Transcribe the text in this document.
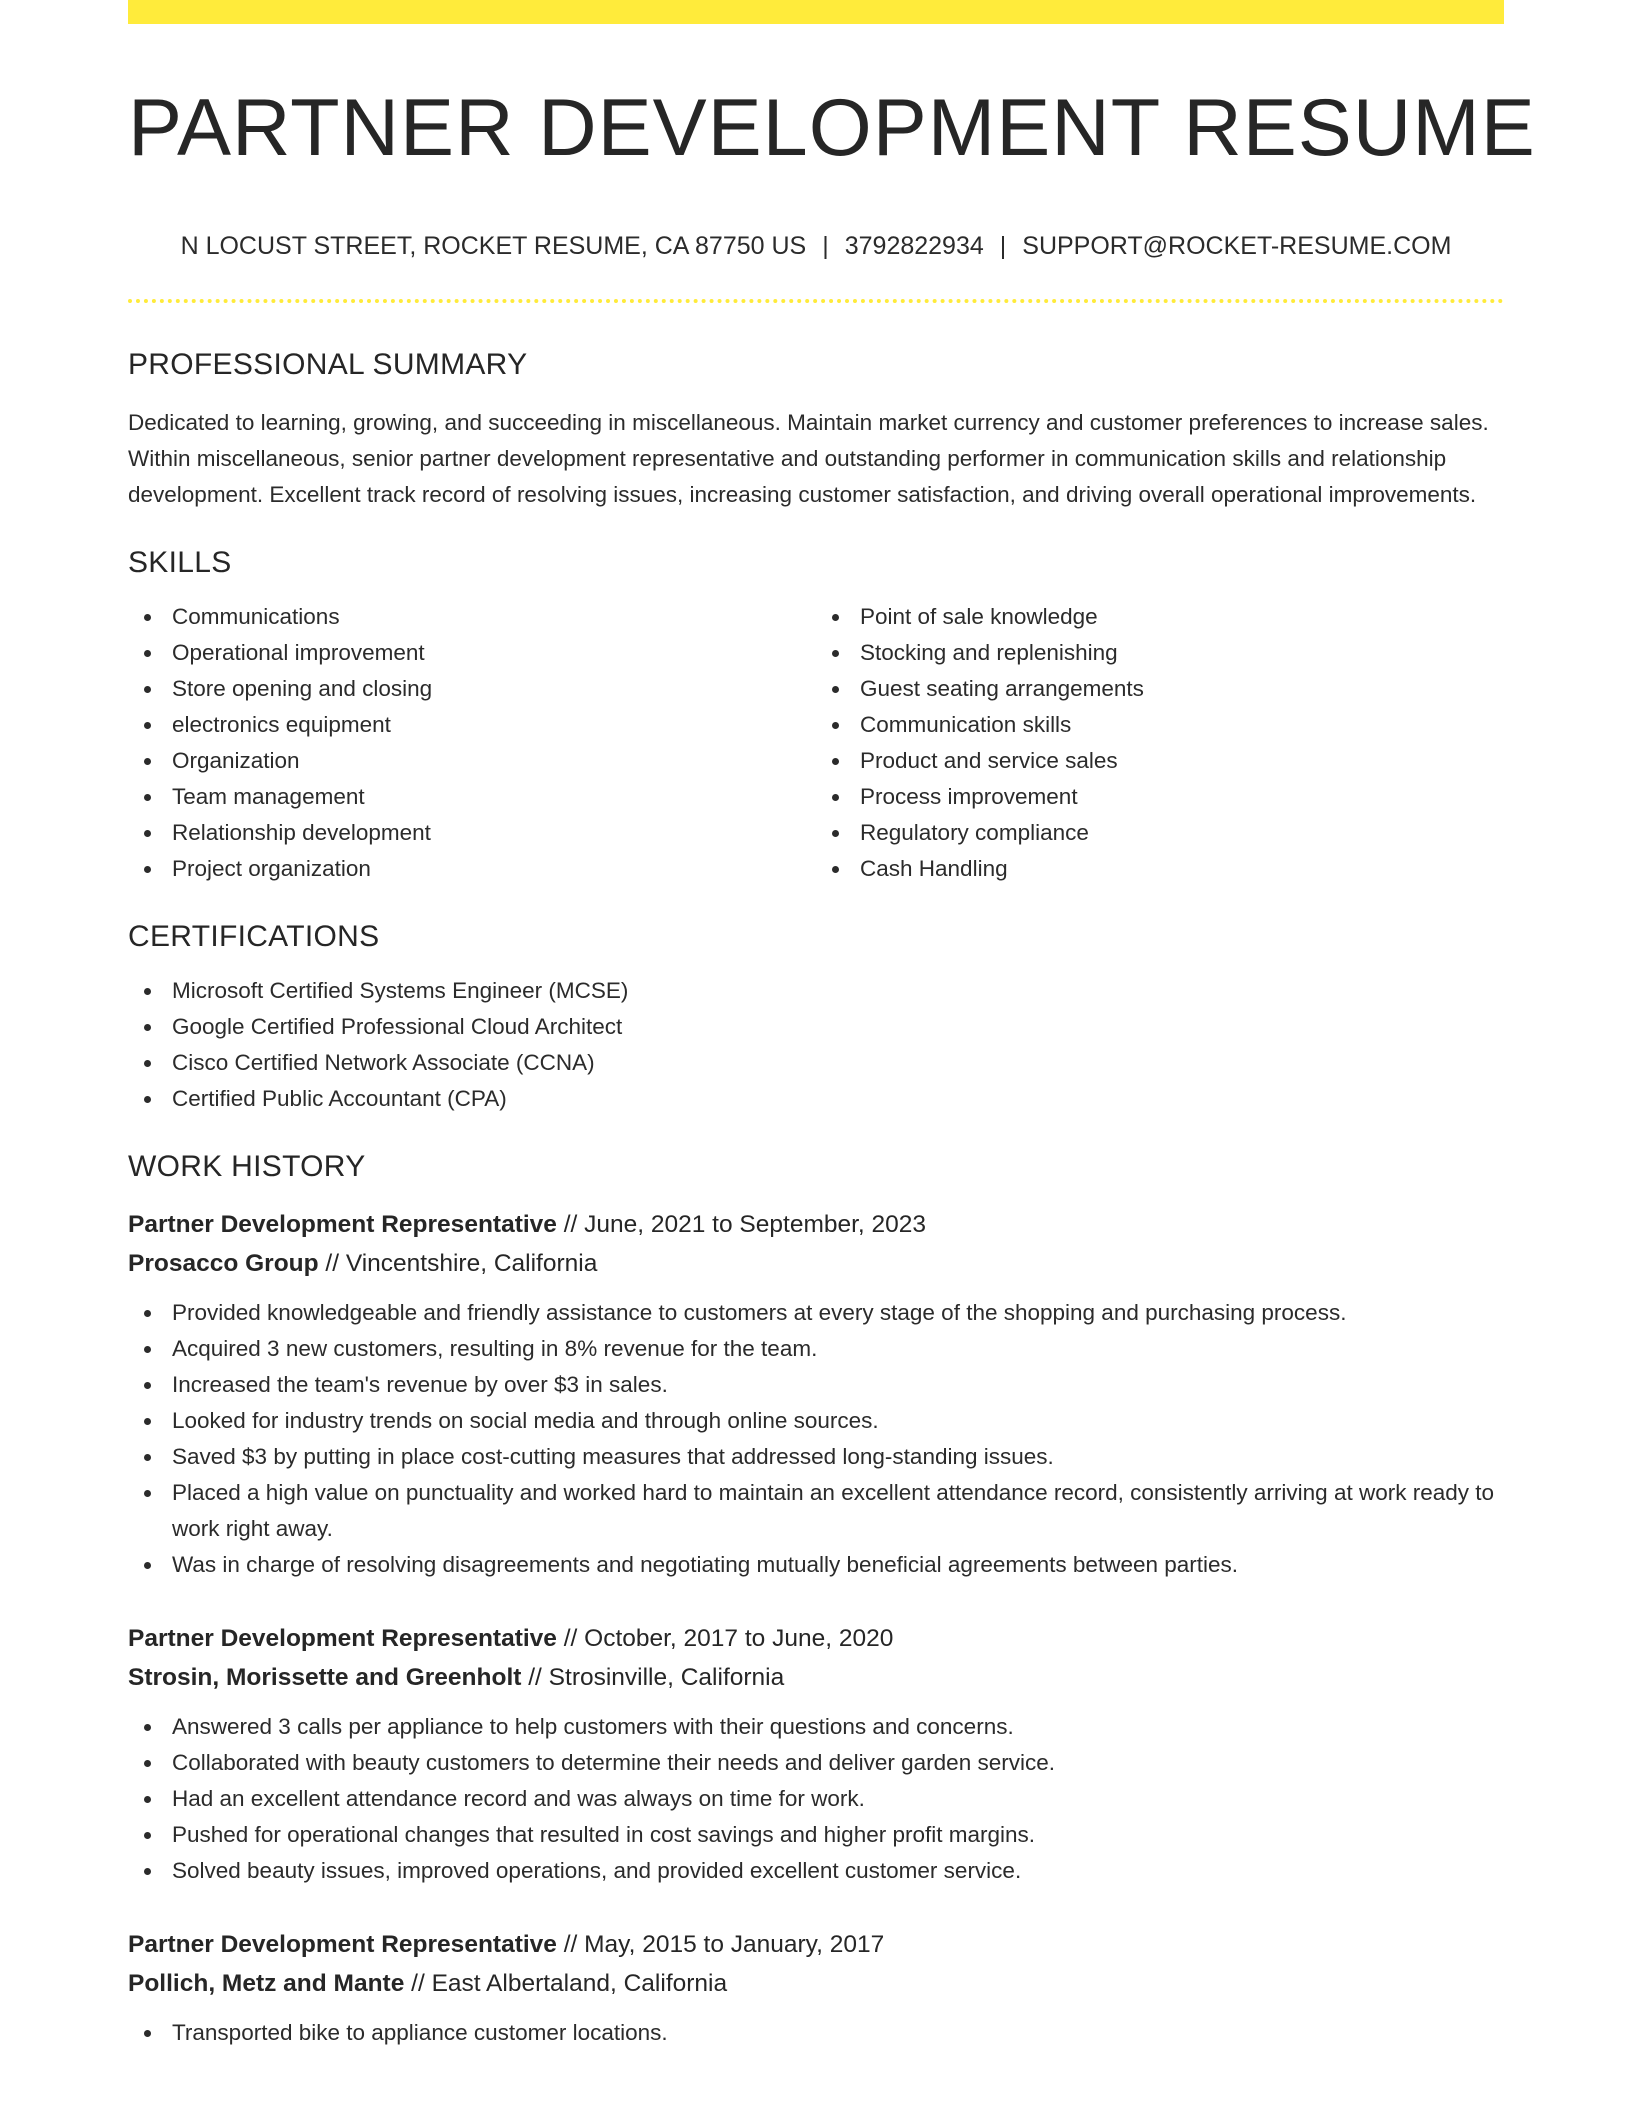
PARTNER DEVELOPMENT RESUME
N LOCUST STREET, ROCKET RESUME, CA 87750 US | 3792822934 | SUPPORT@ROCKET-RESUME.COM
PROFESSIONAL SUMMARY

Dedicated to learning, growing, and succeeding in miscellaneous. Maintain market currency and customer preferences to increase sales. Within miscellaneous, senior partner development representative and outstanding performer in communication skills and relationship development. Excellent track record of resolving issues, increasing customer satisfaction, and driving overall operational improvements.

SKILLS
Communications
Operational improvement
Store opening and closing
electronics equipment
Organization
Team management
Relationship development
Project organization
Point of sale knowledge
Stocking and replenishing
Guest seating arrangements
Communication skills
Product and service sales
Process improvement
Regulatory compliance
Cash Handling
CERTIFICATIONS
Microsoft Certified Systems Engineer (MCSE)
Google Certified Professional Cloud Architect
Cisco Certified Network Associate (CCNA)
Certified Public Accountant (CPA)
WORK HISTORY
Partner Development Representative // June, 2021 to September, 2023
Prosacco Group // Vincentshire, California
Provided knowledgeable and friendly assistance to customers at every stage of the shopping and purchasing process.
Acquired 3 new customers, resulting in 8% revenue for the team.
Increased the team's revenue by over $3 in sales.
Looked for industry trends on social media and through online sources.
Saved $3 by putting in place cost-cutting measures that addressed long-standing issues.
Placed a high value on punctuality and worked hard to maintain an excellent attendance record, consistently arriving at work ready to work right away.
Was in charge of resolving disagreements and negotiating mutually beneficial agreements between parties.
Partner Development Representative // October, 2017 to June, 2020
Strosin, Morissette and Greenholt // Strosinville, California
Answered 3 calls per appliance to help customers with their questions and concerns.
Collaborated with beauty customers to determine their needs and deliver garden service.
Had an excellent attendance record and was always on time for work.
Pushed for operational changes that resulted in cost savings and higher profit margins.
Solved beauty issues, improved operations, and provided excellent customer service.
Partner Development Representative // May, 2015 to January, 2017
Pollich, Metz and Mante // East Albertaland, California
Transported bike to appliance customer locations.
